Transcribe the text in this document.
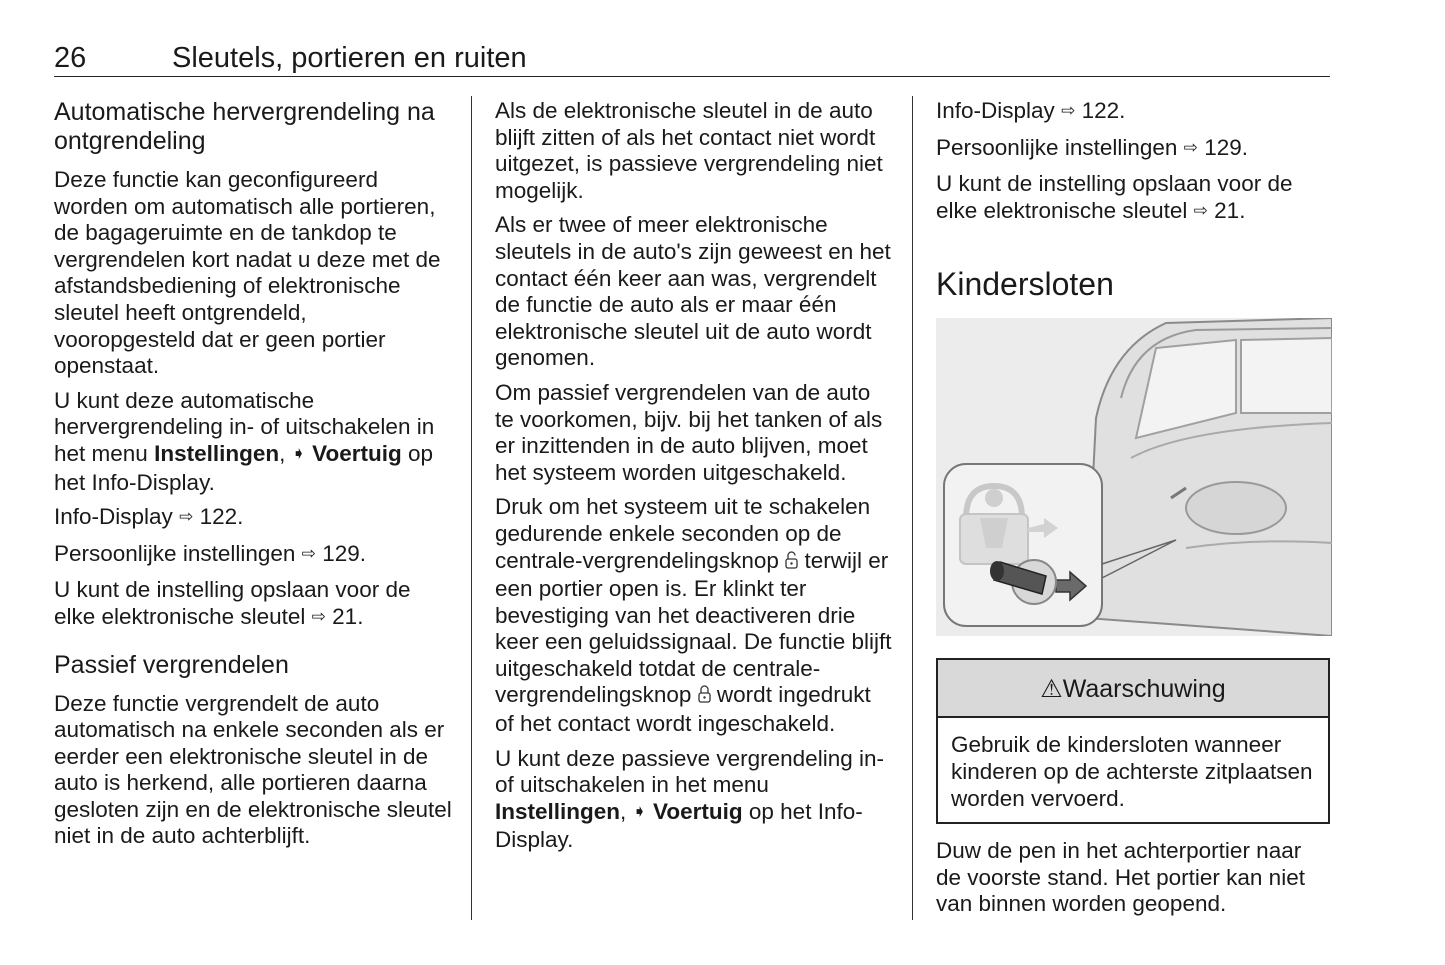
26	Sleutels, portieren en ruiten
Automatische hervergrendeling na ontgrendeling

Deze functie kan geconfigureerd worden om automatisch alle portieren, de bagageruimte en de tankdop te vergrendelen kort nadat u deze met de afstandsbediening of elektronische sleutel heeft ontgrendeld, vooropgesteld dat er geen portier openstaat.

U kunt deze automatische hervergrendeling in- of uitschakelen in het menu Instellingen, ➧ Voertuig op het Info-Display.

Info-Display ⇨ 122.

Persoonlijke instellingen ⇨ 129.

U kunt de instelling opslaan voor de elke elektronische sleutel ⇨ 21.

Passief vergrendelen

Deze functie vergrendelt de auto automatisch na enkele seconden als er eerder een elektronische sleutel in de auto is herkend, alle portieren daarna gesloten zijn en de elektronische sleutel niet in de auto achterblijft.

Als de elektronische sleutel in de auto blijft zitten of als het contact niet wordt uitgezet, is passieve vergrendeling niet mogelijk.

Als er twee of meer elektronische sleutels in de auto's zijn geweest en het contact één keer aan was, vergrendelt de functie de auto als er maar één elektronische sleutel uit de auto wordt genomen.

Om passief vergrendelen van de auto te voorkomen, bijv. bij het tanken of als er inzittenden in de auto blijven, moet het systeem worden uitgeschakeld.

Druk om het systeem uit te schakelen gedurende enkele seconden op de centrale-vergrendelingsknop terwijl er een portier open is. Er klinkt ter bevestiging van het deactiveren drie keer een geluidssignaal. De functie blijft uitgeschakeld totdat de centrale-vergrendelingsknop wordt ingedrukt of het contact wordt ingeschakeld.

U kunt deze passieve vergrendeling in- of uitschakelen in het menu Instellingen, ➧ Voertuig op het Info-Display.

Info-Display ⇨ 122.

Persoonlijke instellingen ⇨ 129.

U kunt de instelling opslaan voor de elke elektronische sleutel ⇨ 21.

Kindersloten
⚠Waarschuwing
Gebruik de kindersloten wanneer kinderen op de achterste zitplaatsen worden vervoerd.

Duw de pen in het achterportier naar de voorste stand. Het portier kan niet van binnen worden geopend.
